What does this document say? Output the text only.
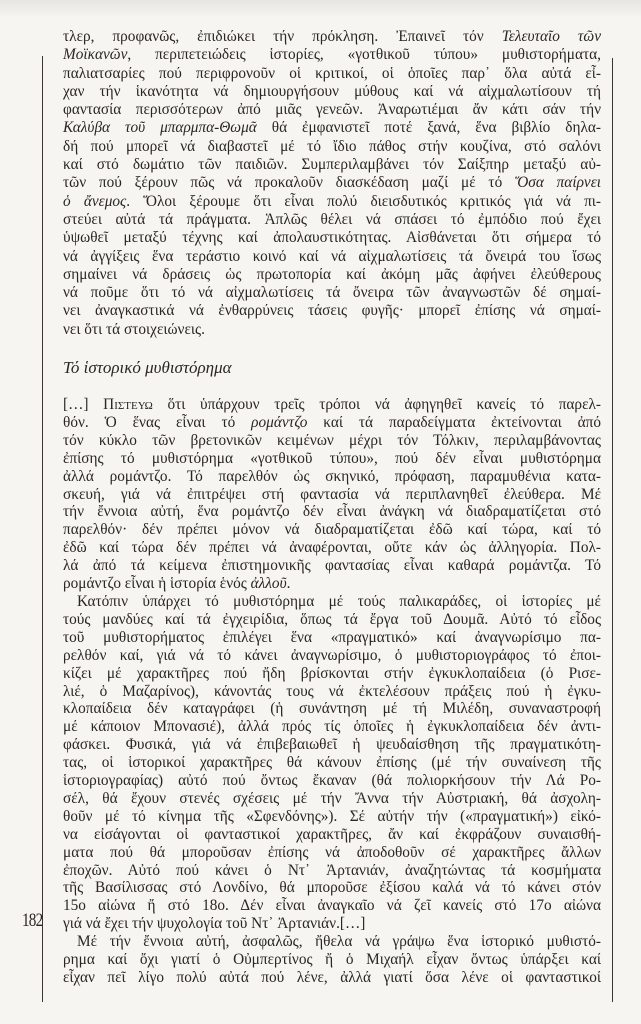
182
τλερ, προφανῶς, ἐπιδιώκει τήν πρόκληση. Ἐπαινεῖ τόν Τελευταῖο τῶν
Μοϊκανῶν, περιπετειώδεις ἱστορίες, «γοτθικοῦ τύπου» μυθιστορήματα,
παλιατσαρίες πού περιφρονοῦν οἱ κριτικοί, οἱ ὁποῖες παρ᾽ ὅλα αὐτά εἶ-
χαν τήν ἱκανότητα νά δημιουργήσουν μύθους καί νά αἰχμαλωτίσουν τή
φαντασία περισσότερων ἀπό μιᾶς γενεῶν. Ἀναρωτιέμαι ἄν κάτι σάν τήν
Καλύβα τοῦ μπαρμπα-Θωμᾶ θά ἐμφανιστεῖ ποτέ ξανά, ἕνα βιβλίο δηλα-
δή πού μπορεῖ νά διαβαστεῖ μέ τό ἴδιο πάθος στήν κουζίνα, στό σαλόνι
καί στό δωμάτιο τῶν παιδιῶν. Συμπεριλαμβάνει τόν Σαίξπηρ μεταξύ αὐ-
τῶν πού ξέρουν πῶς νά προκαλοῦν διασκέδαση μαζί μέ τό Ὅσα παίρνει
ὁ ἄνεμος. Ὅλοι ξέρουμε ὅτι εἶναι πολύ διεισδυτικός κριτικός γιά νά πι-
στεύει αὐτά τά πράγματα. Ἁπλῶς θέλει νά σπάσει τό ἐμπόδιο πού ἔχει
ὑψωθεῖ μεταξύ τέχνης καί ἀπολαυστικότητας. Αἰσθάνεται ὅτι σήμερα τό
νά ἀγγίξεις ἕνα τεράστιο κοινό καί νά αἰχμαλωτίσεις τά ὄνειρά του ἴσως
σημαίνει νά δράσεις ὡς πρωτοπορία καί ἀκόμη μᾶς ἀφήνει ἐλεύθερους
νά ποῦμε ὅτι τό νά αἰχμαλωτίσεις τά ὄνειρα τῶν ἀναγνωστῶν δέ σημαί-
νει ἀναγκαστικά νά ἐνθαρρύνεις τάσεις φυγῆς· μπορεῖ ἐπίσης νά σημαί-
νει ὅτι τά στοιχειώνεις.
Τό ἱστορικό μυθιστόρημα
[…] Πιστευω ὅτι ὑπάρχουν τρεῖς τρόποι νά ἀφηγηθεῖ κανείς τό παρελ-
θόν. Ὁ ἕνας εἶναι τό ρομάντζο καί τά παραδείγματα ἐκτείνονται ἀπό
τόν κύκλο τῶν βρετονικῶν κειμένων μέχρι τόν Τόλκιν, περιλαμβάνοντας
ἐπίσης τό μυθιστόρημα «γοτθικοῦ τύπου», πού δέν εἶναι μυθιστόρημα
ἀλλά ρομάντζο. Τό παρελθόν ὡς σκηνικό, πρόφαση, παραμυθένια κατα-
σκευή, γιά νά ἐπιτρέψει στή φαντασία νά περιπλανηθεῖ ἐλεύθερα. Μέ
τήν ἔννοια αὐτή, ἕνα ρομάντζο δέν εἶναι ἀνάγκη νά διαδραματίζεται στό
παρελθόν· δέν πρέπει μόνον νά διαδραματίζεται ἐδῶ καί τώρα, καί τό
ἐδῶ καί τώρα δέν πρέπει νά ἀναφέρονται, οὔτε κάν ὡς ἀλληγορία. Πολ-
λά ἀπό τά κείμενα ἐπιστημονικῆς φαντασίας εἶναι καθαρά ρομάντζα. Τό
ρομάντζο εἶναι ἡ ἱστορία ἑνός ἀλλοῦ.
Κατόπιν ὑπάρχει τό μυθιστόρημα μέ τούς παλικαράδες, οἱ ἱστορίες μέ
τούς μανδύες καί τά ἐγχειρίδια, ὅπως τά ἔργα τοῦ Δουμᾶ. Αὐτό τό εἶδος
τοῦ μυθιστορήματος ἐπιλέγει ἕνα «πραγματικό» καί ἀναγνωρίσιμο πα-
ρελθόν καί, γιά νά τό κάνει ἀναγνωρίσιμο, ὁ μυθιστοριογράφος τό ἐποι-
κίζει μέ χαρακτῆρες πού ἤδη βρίσκονται στήν ἐγκυκλοπαίδεια (ὁ Ρισε-
λιέ, ὁ Μαζαρίνος), κάνοντάς τους νά ἐκτελέσουν πράξεις πού ἡ ἐγκυ-
κλοπαίδεια δέν καταγράφει (ἡ συνάντηση μέ τή Μιλέδη, συναναστροφή
μέ κάποιον Μπονασιέ), ἀλλά πρός τίς ὁποῖες ἡ ἐγκυκλοπαίδεια δέν ἀντι-
φάσκει. Φυσικά, γιά νά ἐπιβεβαιωθεῖ ἡ ψευδαίσθηση τῆς πραγματικότη-
τας, οἱ ἱστορικοί χαρακτῆρες θά κάνουν ἐπίσης (μέ τήν συναίνεση τῆς
ἱστοριογραφίας) αὐτό πού ὄντως ἔκαναν (θά πολιορκήσουν τήν Λά Ρο-
σέλ, θά ἔχουν στενές σχέσεις μέ τήν Ἄννα τήν Αὐστριακή, θά ἀσχολη-
θοῦν μέ τό κίνημα τῆς «Σφενδόνης»). Σέ αὐτήν τήν («πραγματική») εἰκό-
να εἰσάγονται οἱ φανταστικοί χαρακτῆρες, ἄν καί ἐκφράζουν συναισθή-
ματα πού θά μποροῦσαν ἐπίσης νά ἀποδοθοῦν σέ χαρακτῆρες ἄλλων
ἐποχῶν. Αὐτό πού κάνει ὁ Ντ᾽ Ἀρτανιάν, ἀναζητώντας τά κοσμήματα
τῆς Βασίλισσας στό Λονδίνο, θά μποροῦσε ἐξίσου καλά νά τό κάνει στόν
15ο αἰώνα ἤ στό 18ο. Δέν εἶναι ἀναγκαῖο νά ζεῖ κανείς στό 17ο αἰώνα
γιά νά ἔχει τήν ψυχολογία τοῦ Ντ᾽ Ἀρτανιάν.[…]
Μέ τήν ἔννοια αὐτή, ἀσφαλῶς, ἤθελα νά γράψω ἕνα ἱστορικό μυθιστό-
ρημα καί ὄχι γιατί ὁ Οὐμπερτίνος ἤ ὁ Μιχαήλ εἶχαν ὄντως ὑπάρξει καί
εἶχαν πεῖ λίγο πολύ αὐτά πού λένε, ἀλλά γιατί ὅσα λένε οἱ φανταστικοί
